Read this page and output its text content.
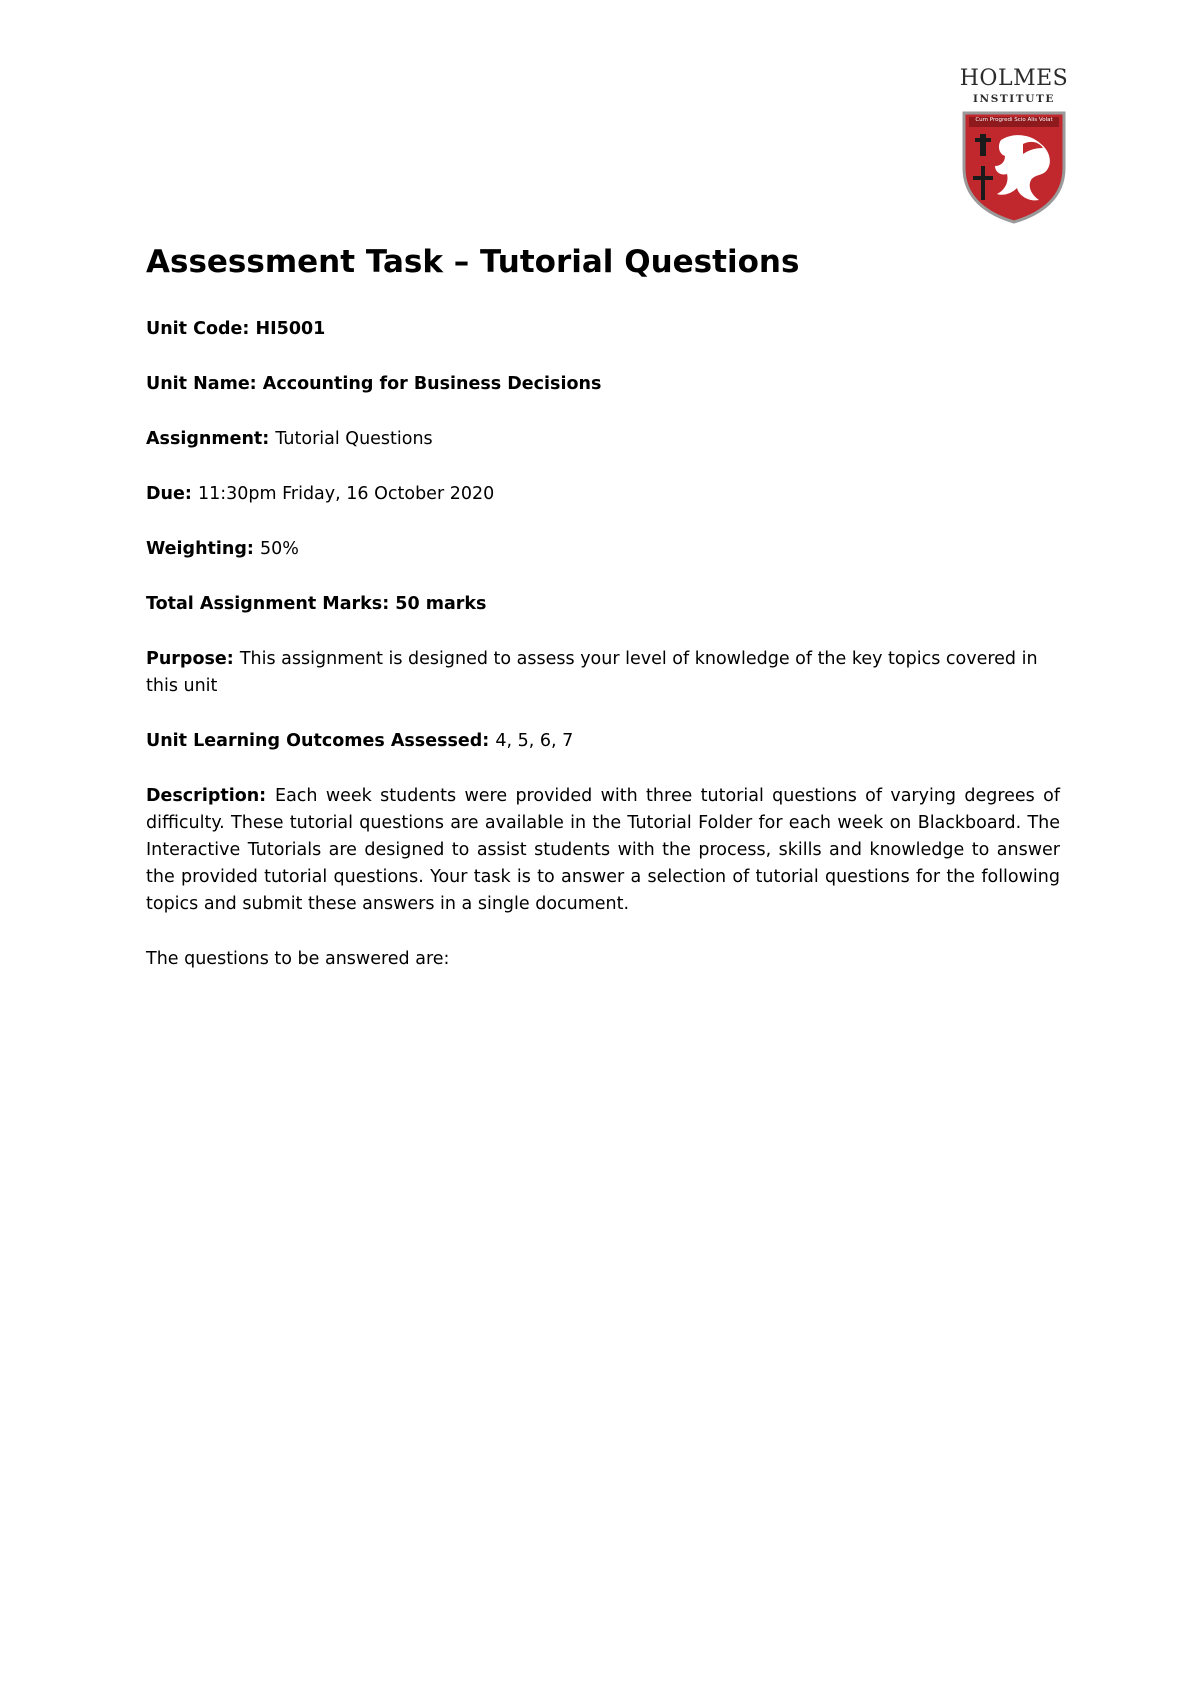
HOLMES
INSTITUTE
Cum Progredi Scio Alis Volat
Assessment Task – Tutorial Questions

Unit Code: HI5001

Unit Name: Accounting for Business Decisions

Assignment: Tutorial Questions

Due: 11:30pm Friday, 16 October 2020

Weighting: 50%

Total Assignment Marks: 50 marks

Purpose: This assignment is designed to assess your level of knowledge of the key topics covered in this unit

Unit Learning Outcomes Assessed: 4, 5, 6, 7

Description: Each week students were provided with three tutorial questions of varying degrees of difficulty. These tutorial questions are available in the Tutorial Folder for each week on Blackboard. The Interactive Tutorials are designed to assist students with the process, skills and knowledge to answer the provided tutorial questions. Your task is to answer a selection of tutorial questions for the following topics and submit these answers in a single document.

The questions to be answered are:
